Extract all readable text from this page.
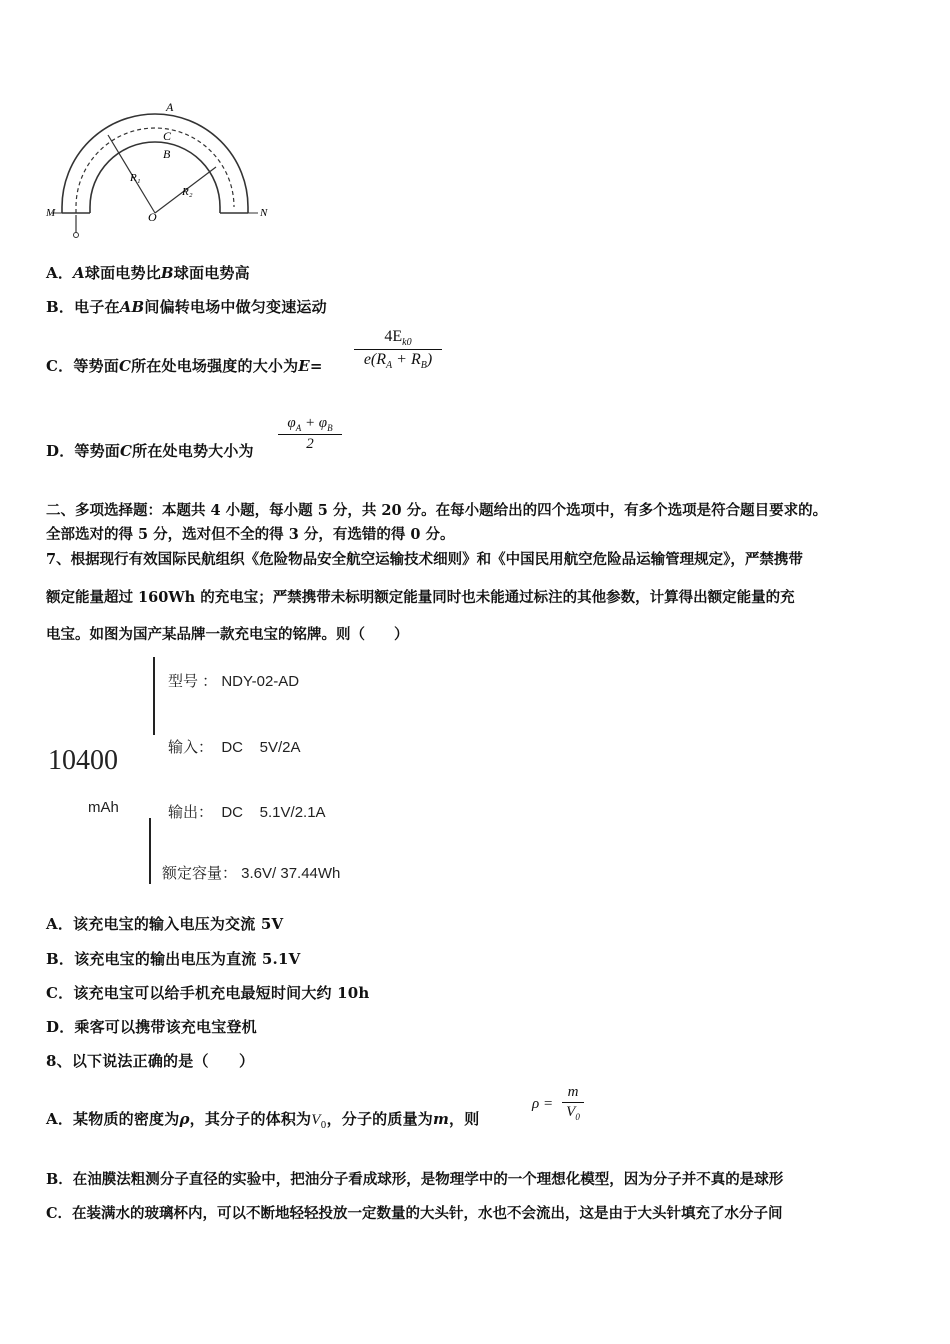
A
C
B
R₁
R₂
O
M	N
A．A球面电势比B球面电势高
B．电子在AB间偏转电场中做匀变速运动
C．等势面C所在处电场强度的大小为E=
$4E_{k0}$
$e(R_A + R_B)$
D．等势面C所在处电势大小为
$\varphi_A + \varphi_B$
2
二、多项选择题：本题共 4 小题，每小题 5 分，共 20 分。在每小题给出的四个选项中，有多个选项是符合题目要求的。
全部选对的得 5 分，选对但不全的得 3 分，有选错的得 0 分。
7、根据现行有效国际民航组织《危险物品安全航空运输技术细则》和《中国民用航空危险品运输管理规定》，严禁携带
额定能量超过 160Wh 的充电宝；严禁携带未标明额定能量同时也未能通过标注的其他参数，计算得出额定能量的充
电宝。如图为国产某品牌一款充电宝的铭牌。则（　　）
10400
mAh
型号 ： NDY-02-AD
输入：  DC    5V/2A
输出：  DC    5.1V/2.1A
额定容量： 3.6V/ 37.44Wh
A．该充电宝的输入电压为交流 5V
B．该充电宝的输出电压为直流 5.1V
C．该充电宝可以给手机充电最短时间大约 10h
D．乘客可以携带该充电宝登机
8、以下说法正确的是（　　）
A．某物质的密度为ρ，其分子的体积为$V_0$，分子的质量为m，则
ρ =
m
$V_0$
B．在油膜法粗测分子直径的实验中，把油分子看成球形，是物理学中的一个理想化模型，因为分子并不真的是球形
C．在装满水的玻璃杯内，可以不断地轻轻投放一定数量的大头针，水也不会流出，这是由于大头针填充了水分子间
